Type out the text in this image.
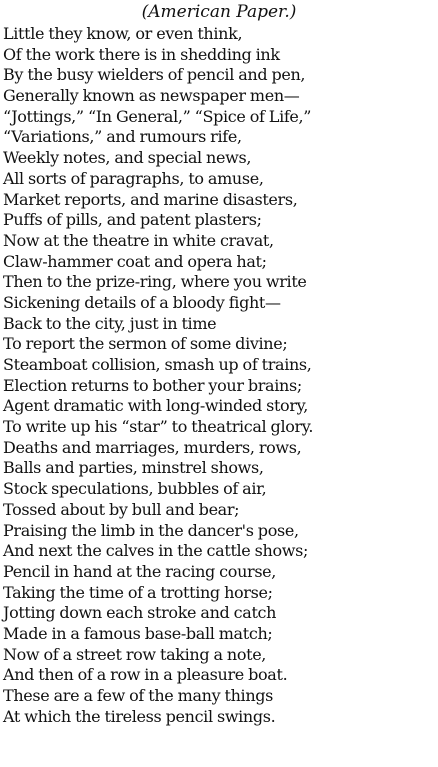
(American Paper.)

Little they know, or even think,
Of the work there is in shedding ink
By the busy wielders of pencil and pen,
Generally known as newspaper men—
“Jottings,” “In General,” “Spice of Life,”
“Variations,” and rumours rife,
Weekly notes, and special news,
All sorts of paragraphs, to amuse,
Market reports, and marine disasters,
Puffs of pills, and patent plasters;
Now at the theatre in white cravat,
Claw-hammer coat and opera hat;
Then to the prize-ring, where you write
Sickening details of a bloody fight—
Back to the city, just in time
To report the sermon of some divine;
Steamboat collision, smash up of trains,
Election returns to bother your brains;
Agent dramatic with long-winded story,
To write up his “star” to theatrical glory.
Deaths and marriages, murders, rows,
Balls and parties, minstrel shows,
Stock speculations, bubbles of air,
Tossed about by bull and bear;
Praising the limb in the dancer's pose,
And next the calves in the cattle shows;
Pencil in hand at the racing course,
Taking the time of a trotting horse;
Jotting down each stroke and catch
Made in a famous base-ball match;
Now of a street row taking a note,
And then of a row in a pleasure boat.
These are a few of the many things
At which the tireless pencil swings.
